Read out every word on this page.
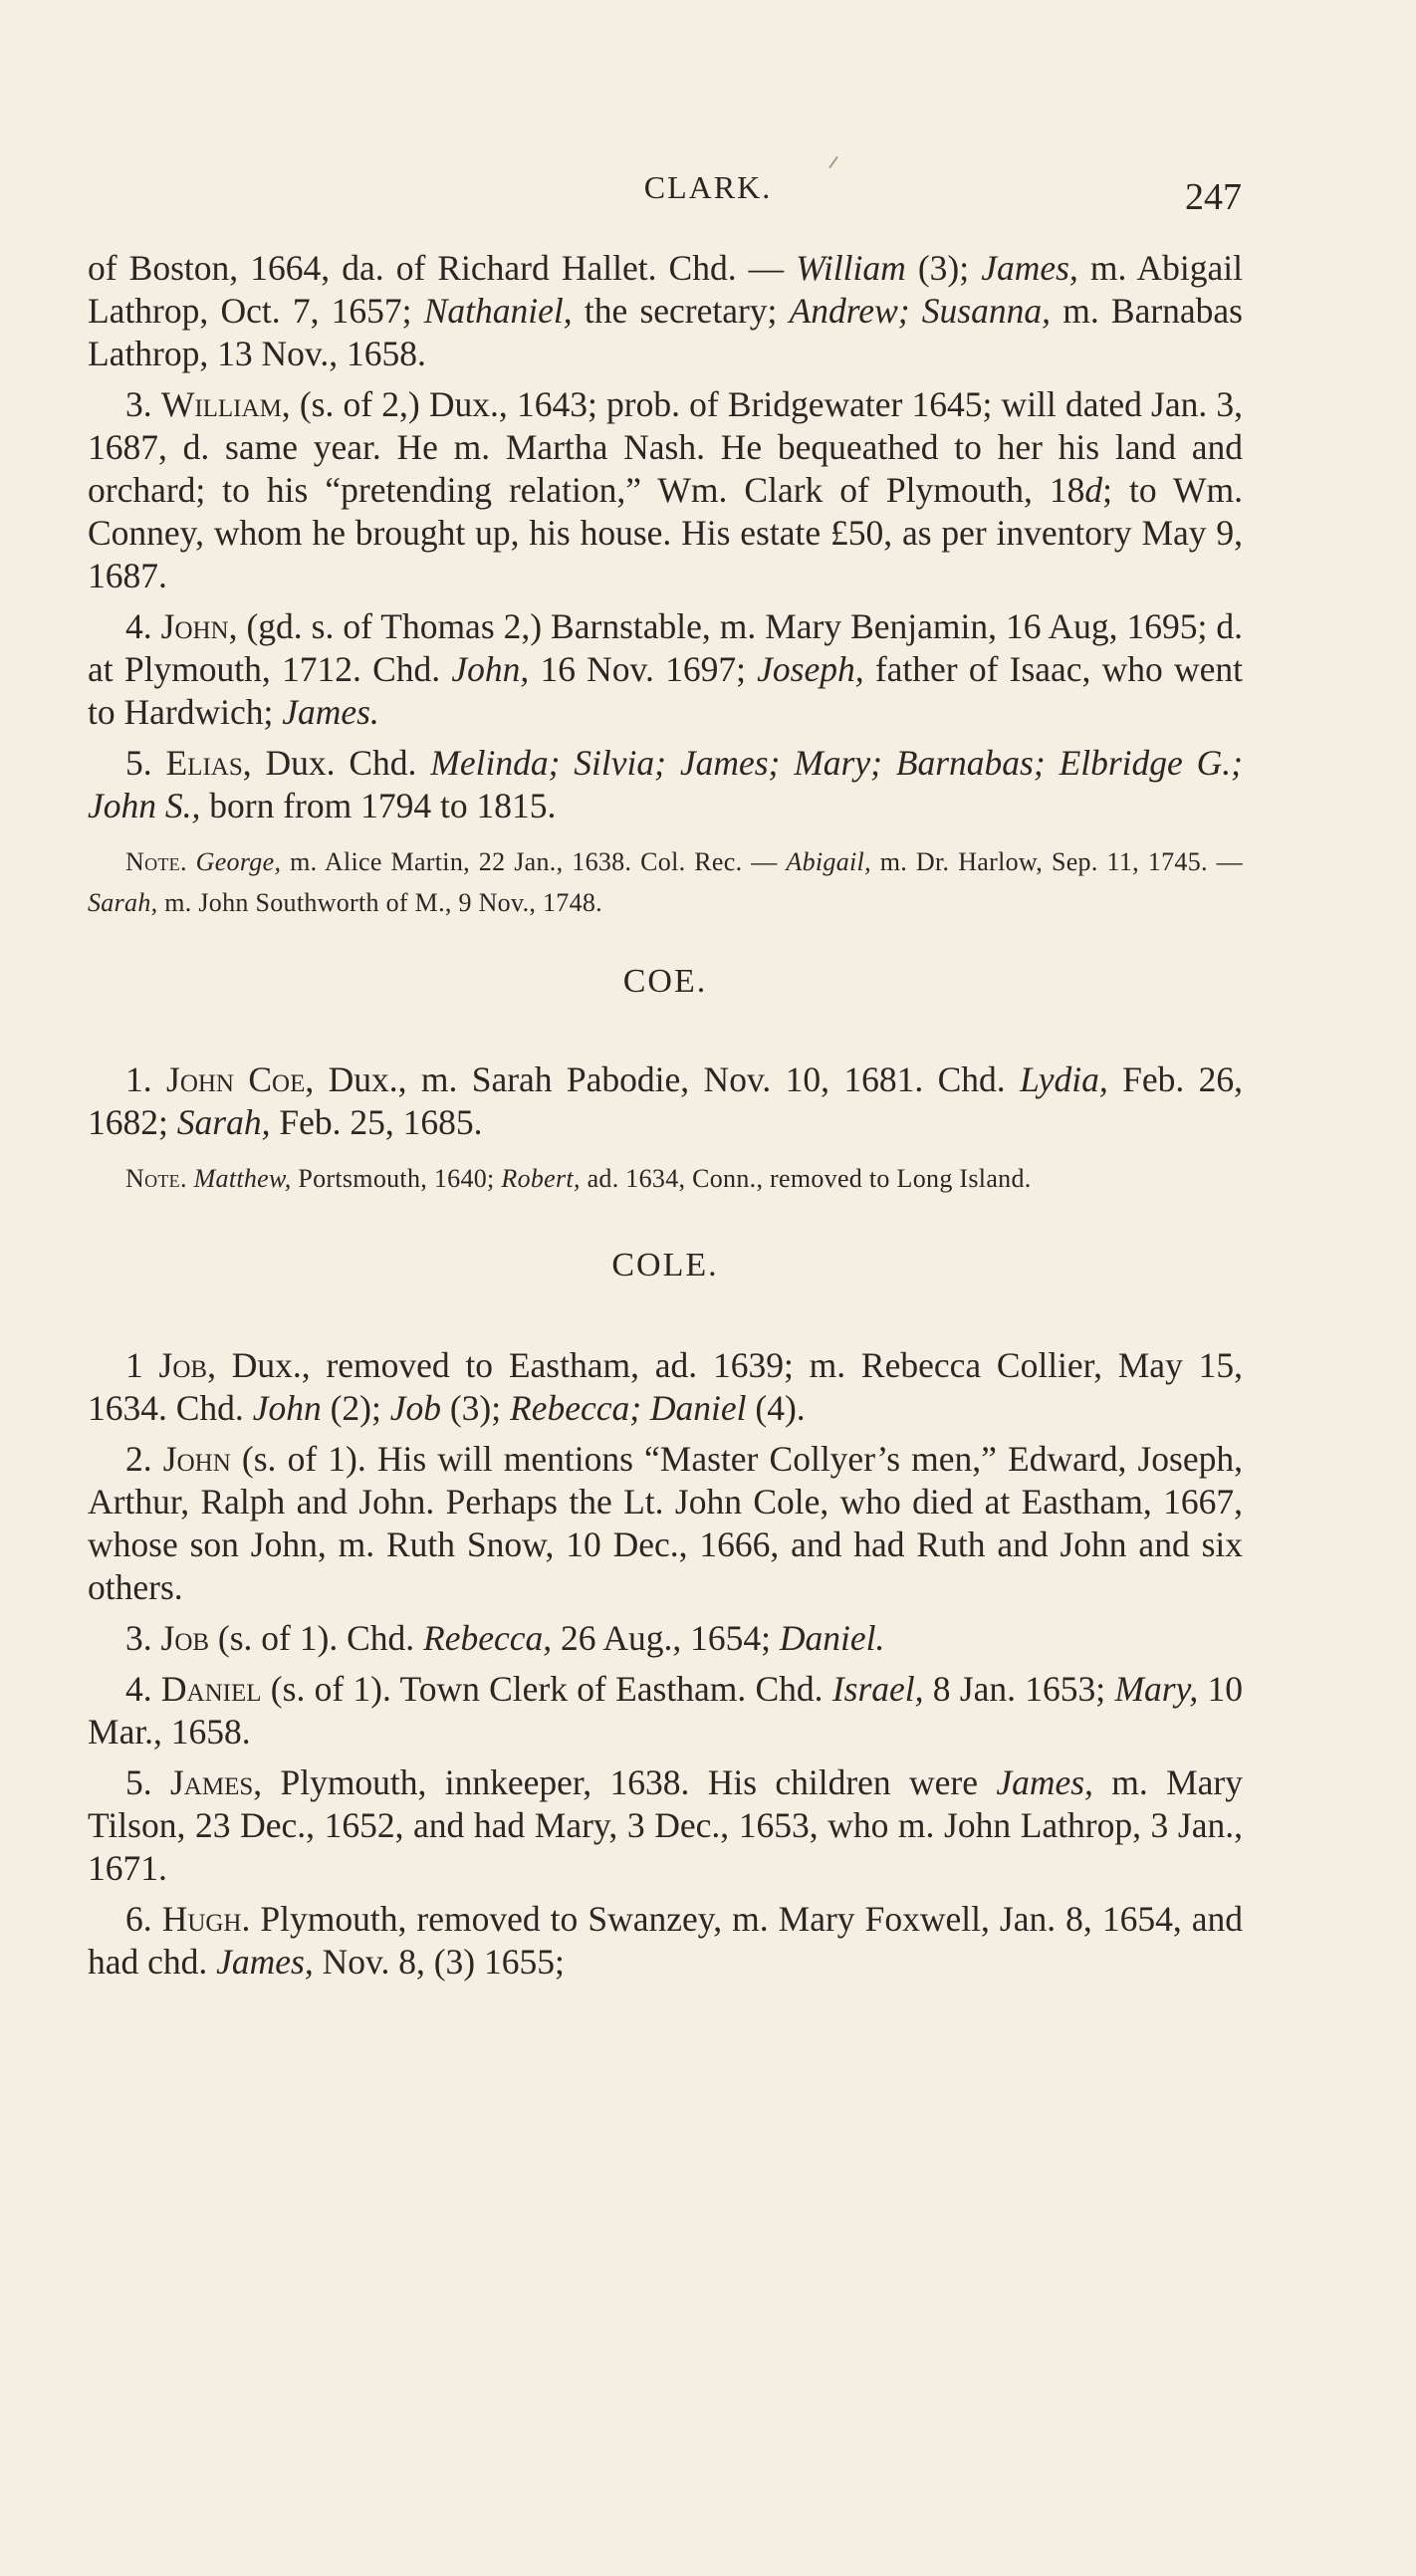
CLARK.	247

of Boston, 1664, da. of Richard Hallet. Chd. — William (3); James, m. Abigail Lathrop, Oct. 7, 1657; Nathaniel, the secretary; Andrew; Susanna, m. Barnabas Lathrop, 13 Nov., 1658.

3. William, (s. of 2,) Dux., 1643; prob. of Bridgewater 1645; will dated Jan. 3, 1687, d. same year. He m. Martha Nash. He bequeathed to her his land and orchard; to his “pretending relation,” Wm. Clark of Plymouth, 18d; to Wm. Conney, whom he brought up, his house. His estate £50, as per inventory May 9, 1687.

4. John, (gd. s. of Thomas 2,) Barnstable, m. Mary Benjamin, 16 Aug, 1695; d. at Plymouth, 1712. Chd. John, 16 Nov. 1697; Joseph, father of Isaac, who went to Hardwich; James.

5. Elias, Dux. Chd. Melinda; Silvia; James; Mary; Barnabas; Elbridge G.; John S., born from 1794 to 1815.

Note. George, m. Alice Martin, 22 Jan., 1638. Col. Rec. — Abigail, m. Dr. Harlow, Sep. 11, 1745. — Sarah, m. John Southworth of M., 9 Nov., 1748.

COE.

1. John Coe, Dux., m. Sarah Pabodie, Nov. 10, 1681. Chd. Lydia, Feb. 26, 1682; Sarah, Feb. 25, 1685.

Note. Matthew, Portsmouth, 1640; Robert, ad. 1634, Conn., removed to Long Island.

COLE.

1 Job, Dux., removed to Eastham, ad. 1639; m. Rebecca Collier, May 15, 1634. Chd. John (2); Job (3); Rebecca; Daniel (4).

2. John (s. of 1). His will mentions “Master Collyer’s men,” Edward, Joseph, Arthur, Ralph and John. Perhaps the Lt. John Cole, who died at Eastham, 1667, whose son John, m. Ruth Snow, 10 Dec., 1666, and had Ruth and John and six others.

3. Job (s. of 1). Chd. Rebecca, 26 Aug., 1654; Daniel.

4. Daniel (s. of 1). Town Clerk of Eastham. Chd. Israel, 8 Jan. 1653; Mary, 10 Mar., 1658.

5. James, Plymouth, innkeeper, 1638. His children were James, m. Mary Tilson, 23 Dec., 1652, and had Mary, 3 Dec., 1653, who m. John Lathrop, 3 Jan., 1671.

6. Hugh. Plymouth, removed to Swanzey, m. Mary Foxwell, Jan. 8, 1654, and had chd. James, Nov. 8, (3) 1655;
